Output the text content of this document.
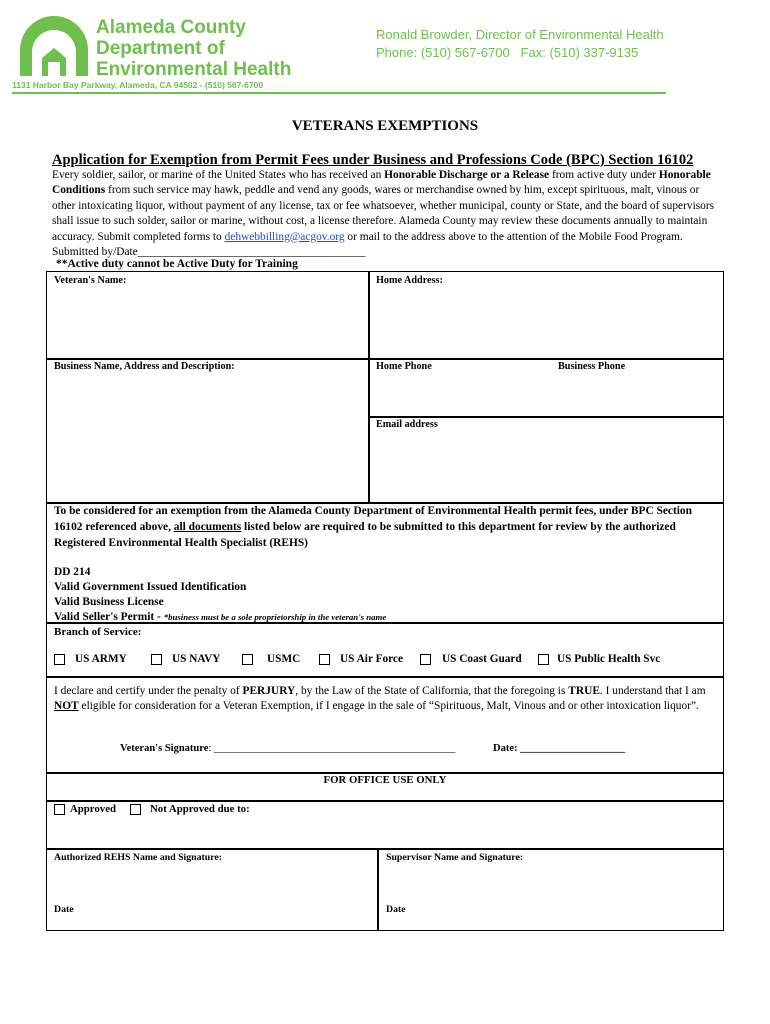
Alameda County
Department of
Environmental Health
1131 Harbor Bay Parkway, Alameda, CA 94502 - (510) 567-6700
Ronald Browder, Director of Environmental Health
Phone: (510) 567-6700   Fax: (510) 337-9135
VETERANS EXEMPTIONS
Application for Exemption from Permit Fees under Business and Professions Code (BPC) Section 16102
Every soldier, sailor, or marine of the United States who has received an Honorable Discharge or a Release from active duty under Honorable Conditions from such service may hawk, peddle and vend any goods, wares or merchandise owned by him, except spirituous, malt, vinous or other intoxicating liquor, without payment of any license, tax or fee whatsoever, whether municipal, county or State, and the board of supervisors shall issue to such solder, sailor or marine, without cost, a license therefore. Alameda County may review these documents annually to maintain accuracy. Submit completed forms to dehwebbilling@acgov.org or mail to the address above to the attention of the Mobile Food Program. Submitted by/Date________________________________________
**Active duty cannot be Active Duty for Training
Veteran's Name:	Home Address:
Business Name, Address and Description:	Home Phone	Business Phone
Email address
To be considered for an exemption from the Alameda County Department of Environmental Health permit fees, under BPC Section 16102 referenced above, all documents listed below are required to be submitted to this department for review by the authorized Registered Environmental Health Specialist (REHS)
DD 214
Valid Government Issued Identification
Valid Business License
Valid Seller's Permit - *business must be a sole proprietorship in the veteran's name
Branch of Service:
US ARMY	US NAVY	USMC	US Air Force	US Coast Guard	US Public Health Svc
I declare and certify under the penalty of PERJURY, by the Law of the State of California, that the foregoing is TRUE. I understand that I am NOT eligible for consideration for a Veteran Exemption, if I engage in the sale of “Spirituous, Malt, Vinous and or other intoxication liquor”.
Veteran's Signature: ______________________________________________	Date: ____________________
FOR OFFICE USE ONLY
Approved	Not Approved due to:
Authorized REHS Name and Signature:	Supervisor Name and Signature:
Date	Date
